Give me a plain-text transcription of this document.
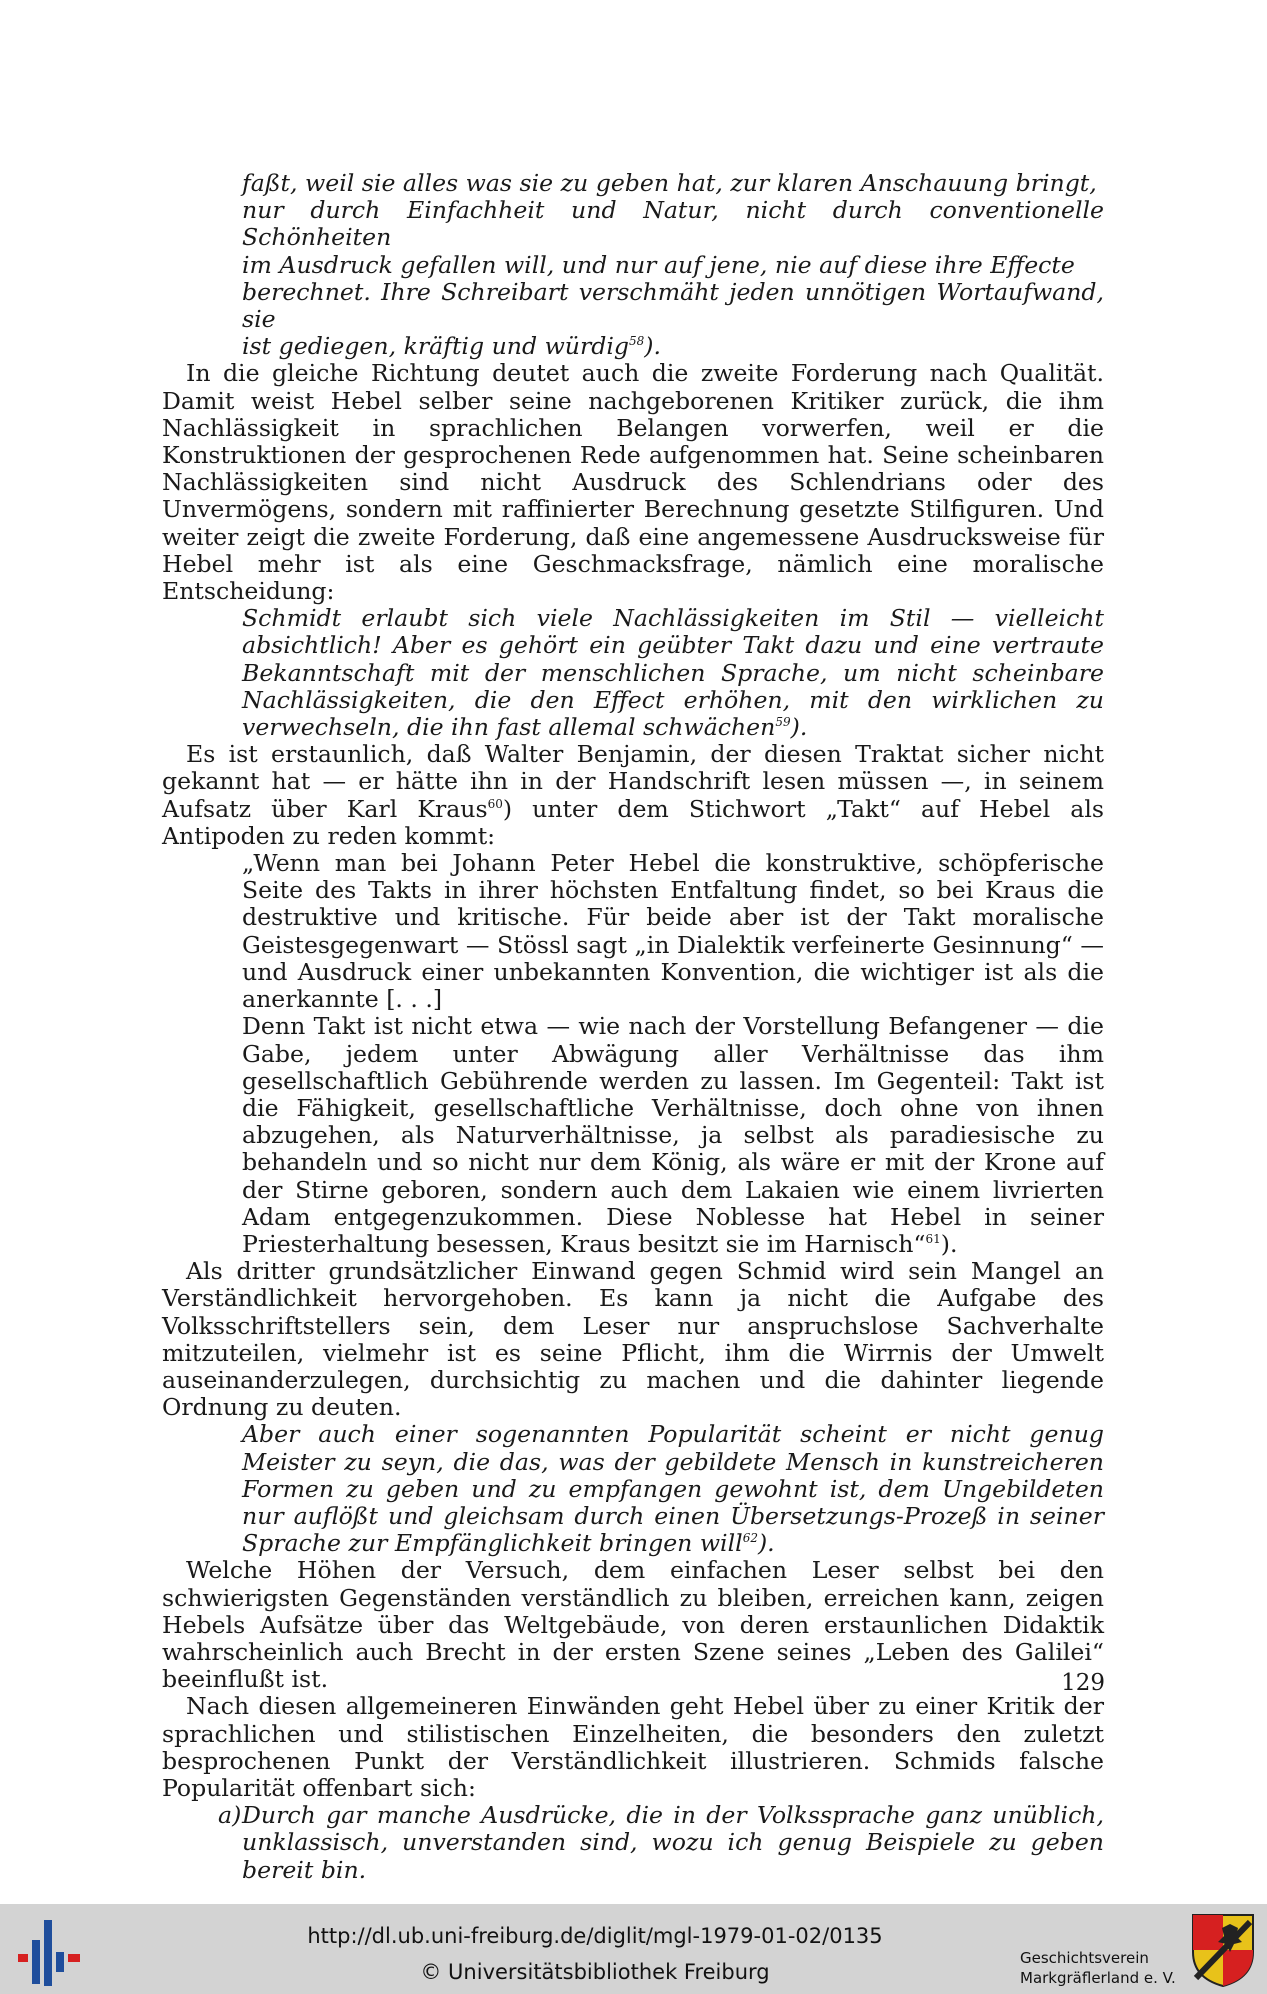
faßt, weil sie alles was sie zu geben hat, zur klaren Anschauung bringt,
nur durch Einfachheit und Natur, nicht durch conventionelle Schönheiten
im Ausdruck gefallen will, und nur auf jene, nie auf diese ihre Effecte
berechnet. Ihre Schreibart verschmäht jeden unnötigen Wortaufwand, sie
ist gediegen, kräftig und würdig$^{58}$).

In die gleiche Richtung deutet auch die zweite Forderung nach Qualität. Damit weist Hebel selber seine nachgeborenen Kritiker zurück, die ihm Nachlässigkeit in sprachlichen Belangen vorwerfen, weil er die Konstruktionen der gesprochenen Rede aufgenommen hat. Seine scheinbaren Nachlässigkeiten sind nicht Ausdruck des Schlendrians oder des Unvermögens, sondern mit raffinierter Berechnung gesetzte Stilfiguren. Und weiter zeigt die zweite Forderung, daß eine angemessene Ausdrucksweise für Hebel mehr ist als eine Geschmacksfrage, nämlich eine moralische Entscheidung:

Schmidt erlaubt sich viele Nachlässigkeiten im Stil — vielleicht absichtlich! Aber es gehört ein geübter Takt dazu und eine vertraute Bekanntschaft mit der menschlichen Sprache, um nicht scheinbare Nachlässigkeiten, die den Effect erhöhen, mit den wirklichen zu verwechseln, die ihn fast allemal schwächen$^{59}$).

Es ist erstaunlich, daß Walter Benjamin, der diesen Traktat sicher nicht gekannt hat — er hätte ihn in der Handschrift lesen müssen —, in seinem Aufsatz über Karl Kraus$^{60}$) unter dem Stichwort „Takt“ auf Hebel als Antipoden zu reden kommt:

„Wenn man bei Johann Peter Hebel die konstruktive, schöpferische Seite des Takts in ihrer höchsten Entfaltung findet, so bei Kraus die destruktive und kritische. Für beide aber ist der Takt moralische Geistesgegenwart — Stössl sagt „in Dialektik verfeinerte Gesinnung“ — und Ausdruck einer unbekannten Konvention, die wichtiger ist als die anerkannte [. . .]
Denn Takt ist nicht etwa — wie nach der Vorstellung Befangener — die Gabe, jedem unter Abwägung aller Verhältnisse das ihm gesellschaftlich Gebührende werden zu lassen. Im Gegenteil: Takt ist die Fähigkeit, gesellschaftliche Verhältnisse, doch ohne von ihnen abzugehen, als Naturverhältnisse, ja selbst als paradiesische zu behandeln und so nicht nur dem König, als wäre er mit der Krone auf der Stirne geboren, sondern auch dem Lakaien wie einem livrierten Adam entgegenzukommen. Diese Noblesse hat Hebel in seiner Priesterhaltung besessen, Kraus besitzt sie im Harnisch“$^{61}$).

Als dritter grundsätzlicher Einwand gegen Schmid wird sein Mangel an Verständlichkeit hervorgehoben. Es kann ja nicht die Aufgabe des Volksschriftstellers sein, dem Leser nur anspruchslose Sachverhalte mitzuteilen, vielmehr ist es seine Pflicht, ihm die Wirrnis der Umwelt auseinanderzulegen, durchsichtig zu machen und die dahinter liegende Ordnung zu deuten.

Aber auch einer sogenannten Popularität scheint er nicht genug Meister zu seyn, die das, was der gebildete Mensch in kunstreicheren Formen zu geben und zu empfangen gewohnt ist, dem Ungebildeten nur auflößt und gleichsam durch einen Übersetzungs-Prozeß in seiner Sprache zur Empfänglichkeit bringen will$^{62}$).

Welche Höhen der Versuch, dem einfachen Leser selbst bei den schwierigsten Gegenständen verständlich zu bleiben, erreichen kann, zeigen Hebels Aufsätze über das Weltgebäude, von deren erstaunlichen Didaktik wahrscheinlich auch Brecht in der ersten Szene seines „Leben des Galilei“ beeinflußt ist.

Nach diesen allgemeineren Einwänden geht Hebel über zu einer Kritik der sprachlichen und stilistischen Einzelheiten, die besonders den zuletzt besprochenen Punkt der Verständlichkeit illustrieren. Schmids falsche Popularität offenbart sich:

a) Durch gar manche Ausdrücke, die in der Volkssprache ganz unüblich, unklassisch, unverstanden sind, wozu ich genug Beispiele zu geben bereit bin.
129
http://dl.ub.uni-freiburg.de/diglit/mgl-1979-01-02/0135
© Universitätsbibliothek Freiburg
Geschichtsverein
Markgräflerland e. V.
